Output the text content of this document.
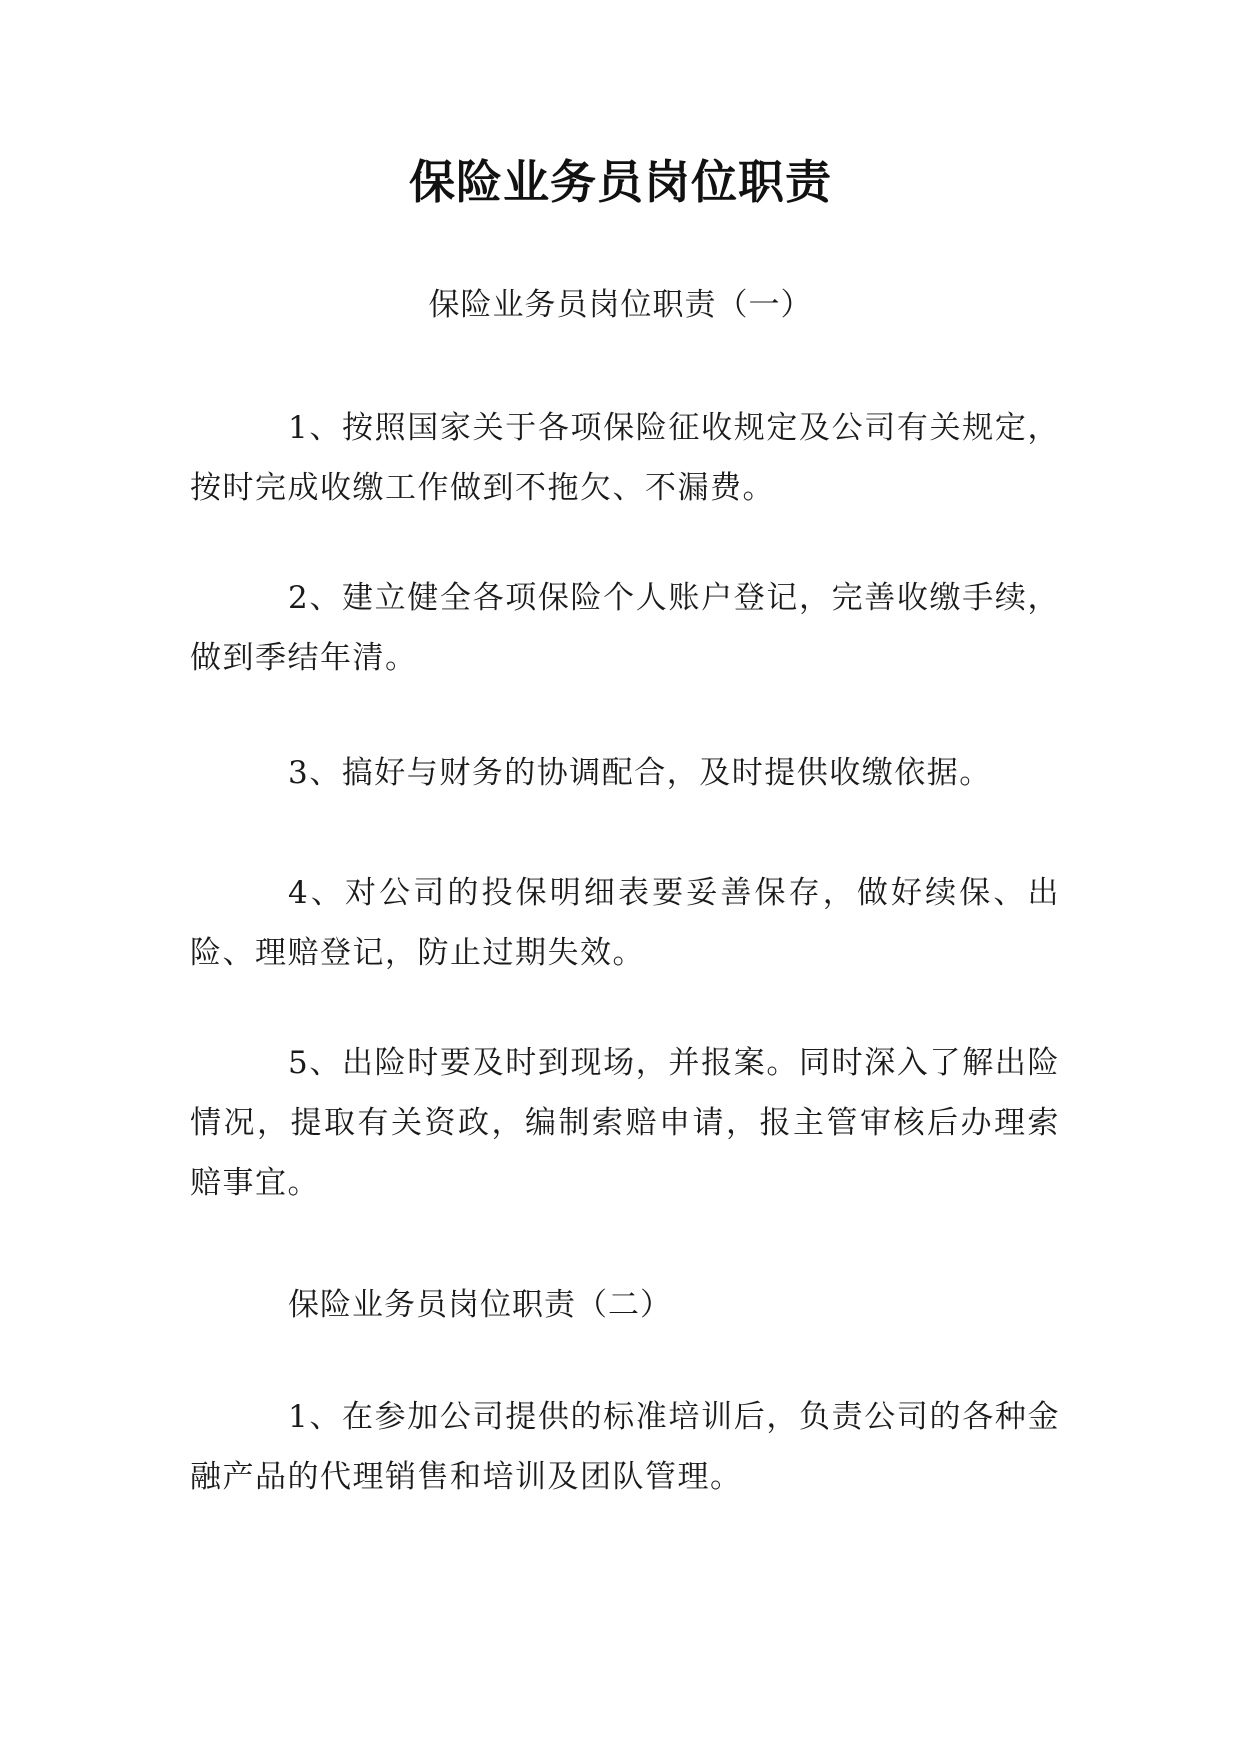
保险业务员岗位职责
保险业务员岗位职责（一）
1、按照国家关于各项保险征收规定及公司有关规定，按时完成收缴工作做到不拖欠、不漏费。
2、建立健全各项保险个人账户登记，完善收缴手续，做到季结年清。
3、搞好与财务的协调配合，及时提供收缴依据。
4、对公司的投保明细表要妥善保存，做好续保、出险、理赔登记，防止过期失效。
5、出险时要及时到现场，并报案。同时深入了解出险情况，提取有关资政，编制索赔申请，报主管审核后办理索赔事宜。
保险业务员岗位职责（二）
1、在参加公司提供的标准培训后，负责公司的各种金融产品的代理销售和培训及团队管理。
